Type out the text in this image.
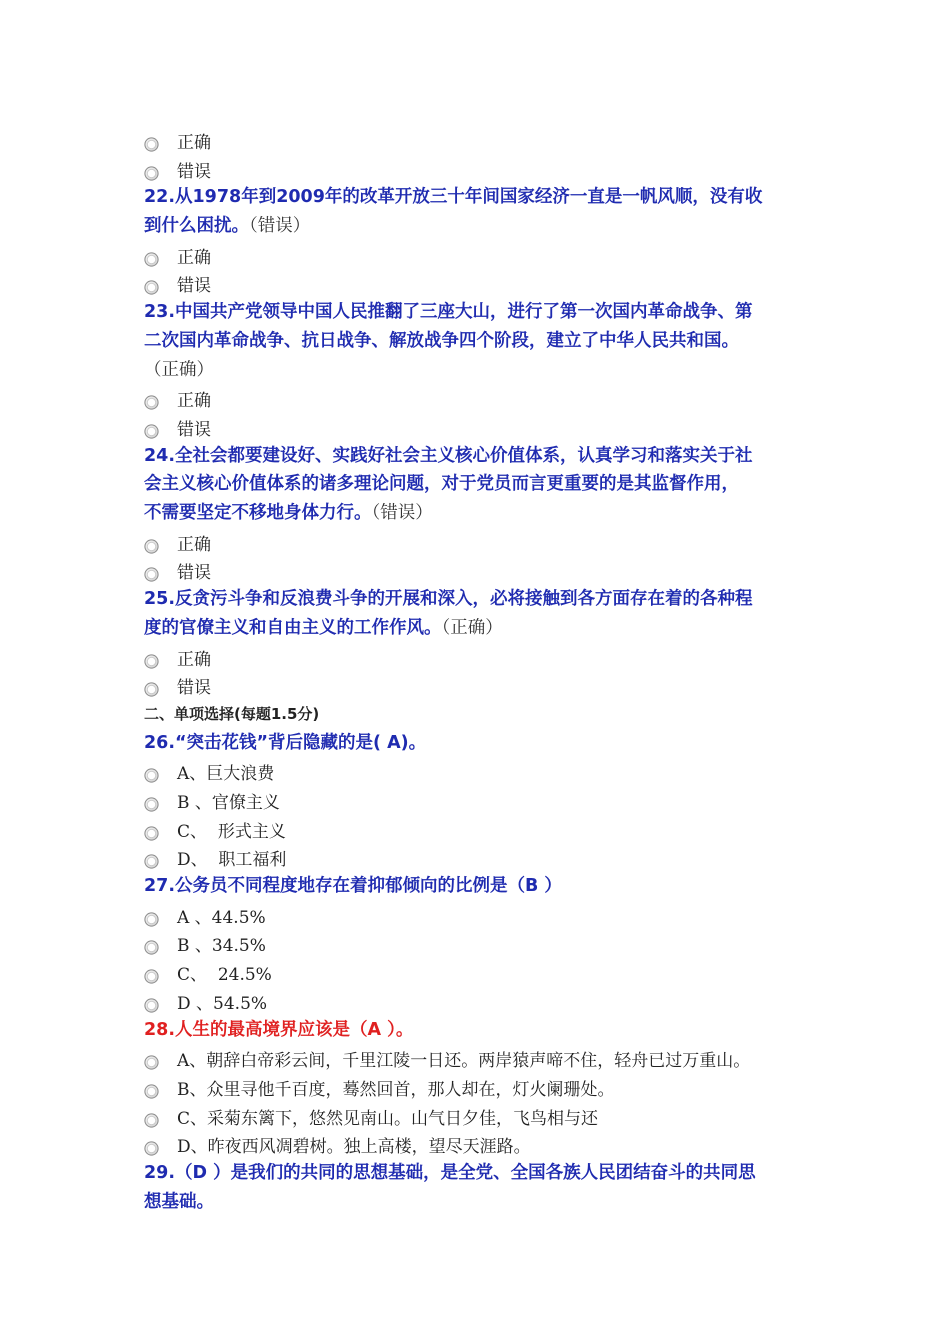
正确
错误

22.从1978年到2009年的改革开放三十年间国家经济一直是一帆风顺，没有收
到什么困扰。（错误）

正确
错误

23.中国共产党领导中国人民推翻了三座大山，进行了第一次国内革命战争、第
二次国内革命战争、抗日战争、解放战争四个阶段，建立了中华人民共和国。
（正确）

正确
错误

24.全社会都要建设好、实践好社会主义核心价值体系，认真学习和落实关于社
会主义核心价值体系的诸多理论问题，对于党员而言更重要的是其监督作用，
不需要坚定不移地身体力行。（错误）

正确
错误

25.反贪污斗争和反浪费斗争的开展和深入，必将接触到各方面存在着的各种程
度的官僚主义和自由主义的工作作风。（正确）

正确
错误

二、单项选择(每题1.5分)

26.“突击花钱”背后隐藏的是( A)。

A、巨大浪费
B 、官僚主义
C、  形式主义
D、  职工福利

27.公务员不同程度地存在着抑郁倾向的比例是（B ）

A 、44.5%
B 、34.5%
C、  24.5%
D 、54.5%

28.人生的最高境界应该是（A ）。

A、朝辞白帝彩云间，千里江陵一日还。两岸猿声啼不住，轻舟已过万重山。
B、众里寻他千百度，蓦然回首，那人却在，灯火阑珊处。
C、采菊东篱下，悠然见南山。山气日夕佳，飞鸟相与还
D、昨夜西风凋碧树。独上高楼，望尽天涯路。

29.（D ）是我们的共同的思想基础，是全党、全国各族人民团结奋斗的共同思
想基础。
